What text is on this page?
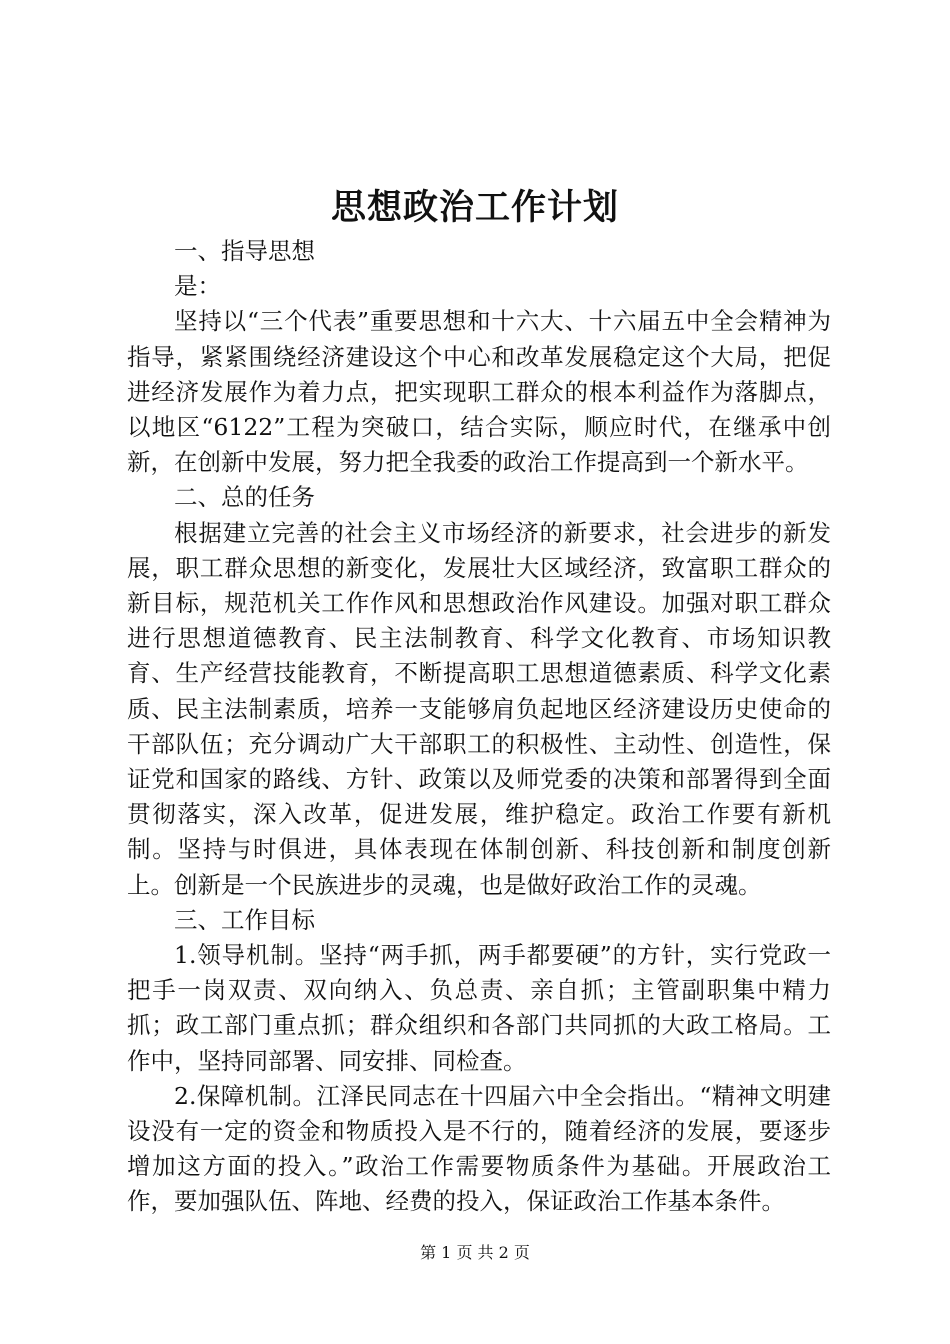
思想政治工作计划

一、指导思想

是：

坚持以“三个代表”重要思想和十六大、十六届五中全会精神为指导，紧紧围绕经济建设这个中心和改革发展稳定这个大局，把促进经济发展作为着力点，把实现职工群众的根本利益作为落脚点，以地区“6122”工程为突破口，结合实际，顺应时代，在继承中创新，在创新中发展，努力把全我委的政治工作提高到一个新水平。

二、总的任务

根据建立完善的社会主义市场经济的新要求，社会进步的新发展，职工群众思想的新变化，发展壮大区域经济，致富职工群众的新目标，规范机关工作作风和思想政治作风建设。加强对职工群众进行思想道德教育、民主法制教育、科学文化教育、市场知识教育、生产经营技能教育，不断提高职工思想道德素质、科学文化素质、民主法制素质，培养一支能够肩负起地区经济建设历史使命的干部队伍；充分调动广大干部职工的积极性、主动性、创造性，保证党和国家的路线、方针、政策以及师党委的决策和部署得到全面贯彻落实，深入改革，促进发展，维护稳定。政治工作要有新机制。坚持与时俱进，具体表现在体制创新、科技创新和制度创新上。创新是一个民族进步的灵魂，也是做好政治工作的灵魂。

三、工作目标

1.领导机制。坚持“两手抓，两手都要硬”的方针，实行党政一把手一岗双责、双向纳入、负总责、亲自抓；主管副职集中精力抓；政工部门重点抓；群众组织和各部门共同抓的大政工格局。工作中，坚持同部署、同安排、同检查。

2.保障机制。江泽民同志在十四届六中全会指出。“精神文明建设没有一定的资金和物质投入是不行的，随着经济的发展，要逐步增加这方面的投入。”政治工作需要物质条件为基础。开展政治工作，要加强队伍、阵地、经费的投入，保证政治工作基本条件。

第 1 页 共 2 页
